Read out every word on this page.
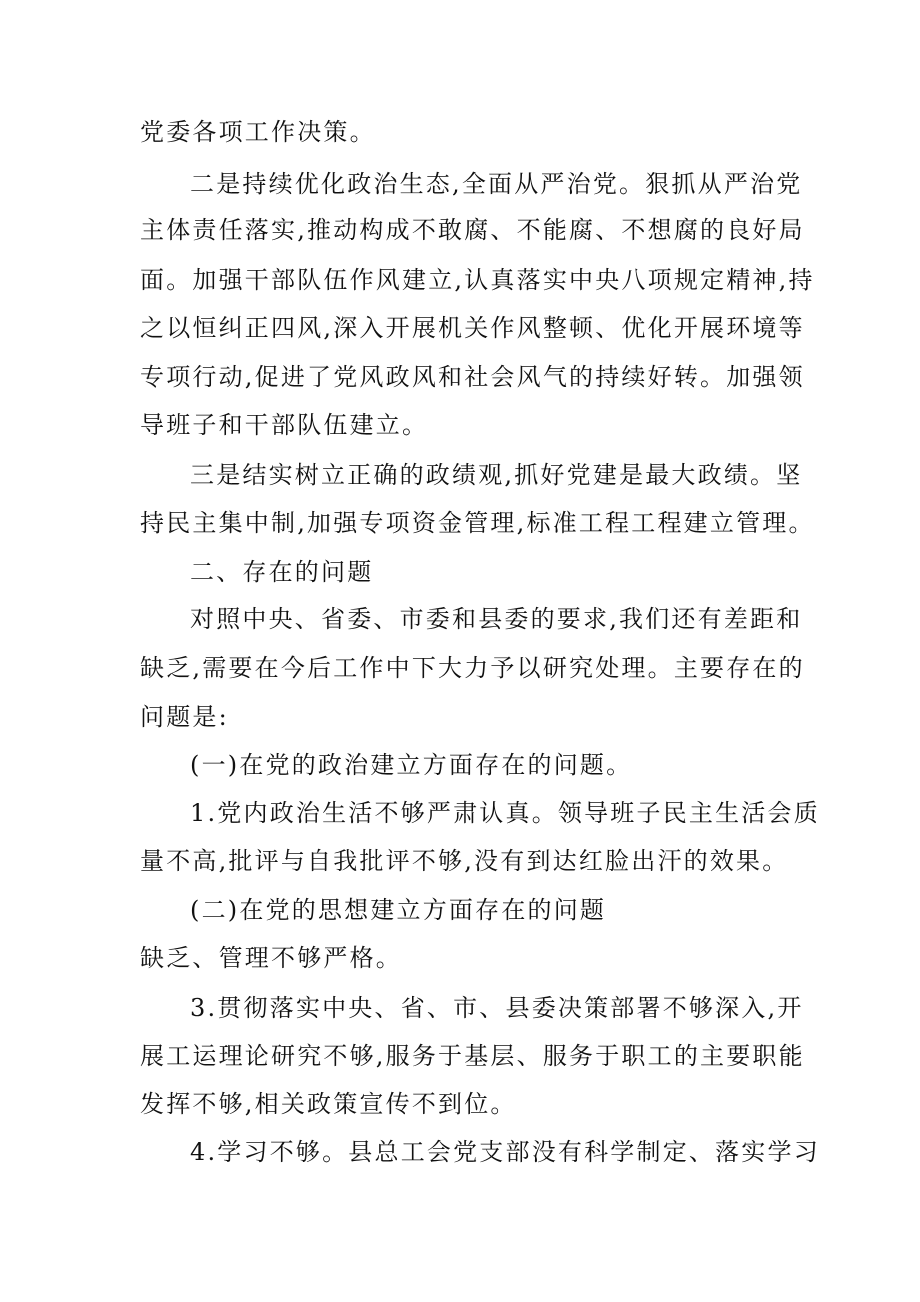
党委各项工作决策。
二是持续优化政治生态,全面从严治党。狠抓从严治党
主体责任落实,推动构成不敢腐、不能腐、不想腐的良好局
面。加强干部队伍作风建立,认真落实中央八项规定精神,持
之以恒纠正四风,深入开展机关作风整顿、优化开展环境等
专项行动,促进了党风政风和社会风气的持续好转。加强领
导班子和干部队伍建立。
三是结实树立正确的政绩观,抓好党建是最大政绩。坚
持民主集中制,加强专项资金管理,标准工程工程建立管理。
二、存在的问题
对照中央、省委、市委和县委的要求,我们还有差距和
缺乏,需要在今后工作中下大力予以研究处理。主要存在的
问题是:
(一)在党的政治建立方面存在的问题。
1.党内政治生活不够严肃认真。领导班子民主生活会质
量不高,批评与自我批评不够,没有到达红脸出汗的效果。
(二)在党的思想建立方面存在的问题
缺乏、管理不够严格。
3.贯彻落实中央、省、市、县委决策部署不够深入,开
展工运理论研究不够,服务于基层、服务于职工的主要职能
发挥不够,相关政策宣传不到位。
4.学习不够。县总工会党支部没有科学制定、落实学习
